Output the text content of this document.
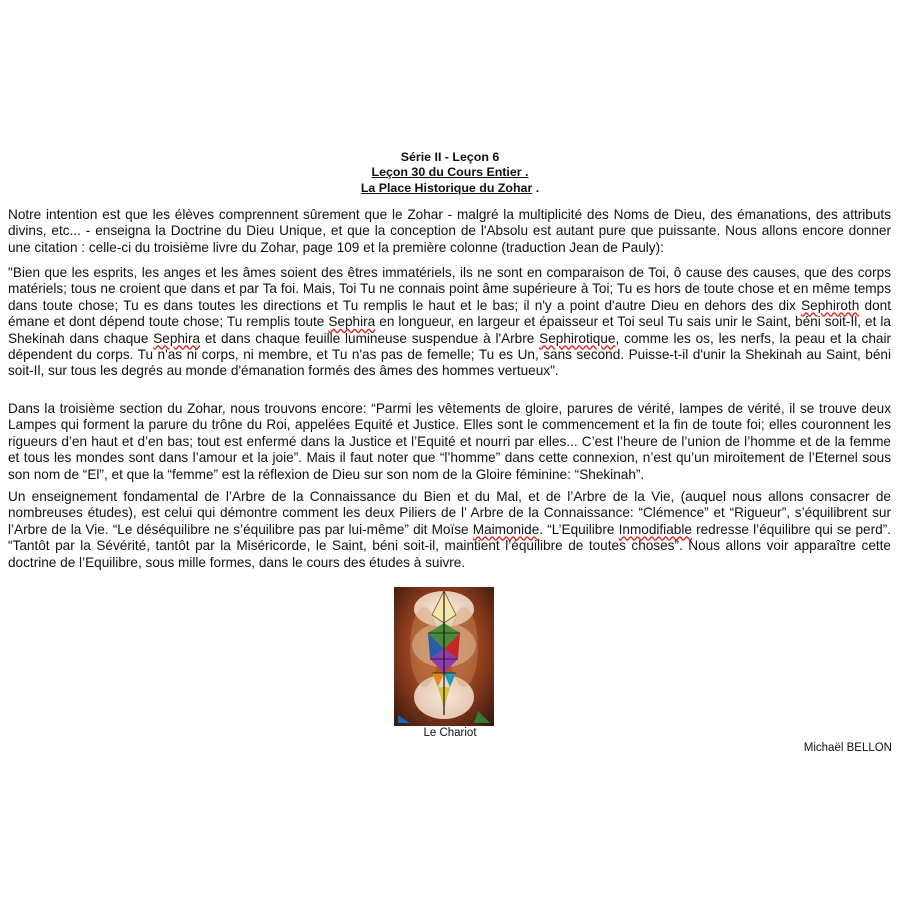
Série II - Leçon 6
Leçon 30 du Cours Entier .
La Place Historique du Zohar .

Notre intention est que les élèves comprennent sûrement que le Zohar - malgré la multiplicité des Noms de Dieu, des émanations, des attributs divins, etc... - enseigna la Doctrine du Dieu Unique, et que la conception de l'Absolu est autant pure que puissante. Nous allons encore donner une citation : celle-ci du troisième livre du Zohar, page 109 et la première colonne (traduction Jean de Pauly):

"Bien que les esprits, les anges et les âmes soient des êtres immatériels, ils ne sont en comparaison de Toi, ô cause des causes, que des corps matériels; tous ne croient que dans et par Ta foi. Mais, Toi Tu ne connais point âme supérieure à Toi; Tu es hors de toute chose et en même temps dans toute chose; Tu es dans toutes les directions et Tu remplis le haut et le bas; il n'y a point d'autre Dieu en dehors des dix Sephiroth dont émane et dont dépend toute chose; Tu remplis toute Sephira en longueur, en largeur et épaisseur et Toi seul Tu sais unir le Saint, béni soit-Il, et la Shekinah dans chaque Sephira et dans chaque feuille lumineuse suspendue à l'Arbre Sephirotique, comme les os, les nerfs, la peau et la chair dépendent du corps. Tu n'as ni corps, ni membre, et Tu n'as pas de femelle; Tu es Un, sans second. Puisse-t-il d'unir la Shekinah au Saint, béni soit-Il, sur tous les degrés au monde d'émanation formés des âmes des hommes vertueux".

Dans la troisième section du Zohar, nous trouvons encore: “Parmi les vêtements de gloire, parures de vérité, lampes de vérité, il se trouve deux Lampes qui forment la parure du trône du Roi, appelées Equité et Justice. Elles sont le commencement et la fin de toute foi; elles couronnent les rigueurs d’en haut et d’en bas; tout est enfermé dans la Justice et l’Equité et nourri par elles... C’est l’heure de l’union de l’homme et de la femme et tous les mondes sont dans l’amour et la joie”. Mais il faut noter que “l’homme” dans cette connexion, n’est qu’un miroitement de l’Eternel sous son nom de “El”, et que la “femme” est la réflexion de Dieu sur son nom de la Gloire féminine: “Shekinah”.

Un enseignement fondamental de l’Arbre de la Connaissance du Bien et du Mal, et de l’Arbre de la Vie, (auquel nous allons consacrer de nombreuses études), est celui qui démontre comment les deux Piliers de l’ Arbre de la Connaissance: “Clémence” et “Rigueur”, s’équilibrent sur l’Arbre de la Vie. “Le déséquilibre ne s’équilibre pas par lui-même” dit Moïse Maimonide. “L’Equilibre Inmodifiable redresse l’équilibre qui se perd”. “Tantôt par la Sévérité, tantôt par la Miséricorde, le Saint, béni soit-il, maintient l’équilibre de toutes choses”. Nous allons voir apparaître cette doctrine de l’Equilibre, sous mille formes, dans le cours des études à suivre.

Le Chariot
Michaël BELLON
